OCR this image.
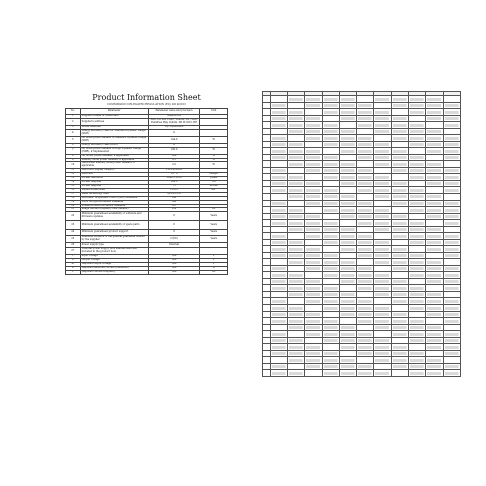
Product Information Sheet
COMMISSION DELEGATED REGULATION (EU) 2019/2013
No.	Parameter	Parameter value and precision	Unit
1	Supplier's name or trade mark	SAMSUNG	
2	Supplier's address	2201 PO Box 12987, Dublin, D2 / 2201 Dumfries Way, Dublin, D8 W, DO2, HE	
3	Model identifier	TQ75Q60BAUX	
4	Energy efficiency class for Standard Dynamic Range (SDR)	G	
5	On mode power demand in Standard Dynamic Range (SDR)	144.0	W
6	Energy efficiency class (HDR)	G	
7	On mode power demand in High Dynamic Range (HDR), if implemented	190.0	W
8	Off mode, power demand, if applicable	N/A	W
9	Standby mode power demand, if applicable	0.5	W
10	Networked standby mode power demand, if applicable	2.0	W
11	Electronic display category	TELEVISION	
12	Size ratio	16 : 9	integer
13	Screen resolution	3840 x 2160	pixels
14	Screen diagonal	189.3	cm
15	Screen diagonal	75	inches
16	Visible screen area	1532.3	dm²
17	Panel technology used	QLED LCD	
18	Automatic Brightness Control (ABC) available	Yes	
19	Voice recognition sensor available	Yes	
20	Presence detection sensor available	No	
21	Image refresh frequency rate (default)	120	Hz
22	Minimum guaranteed availability of software and firmware updates	8	Years
23	Minimum guaranteed availability of spare parts	8	Years
24	Minimum guaranteed product support	8	Years
25	Minimum duration of the general guarantee offered by the supplier	2 (EU)	Years
26	Power supply type	Internal	
27	External power supply (non standardised and included in the product box)		
i	Input voltage	N/A	V
ii	Output voltage	N/A	V
iii	Required output voltage	N/A	V
iv	Required delivered current (minimum)	N/A	A
v	Required current frequency	N/A	Hz
